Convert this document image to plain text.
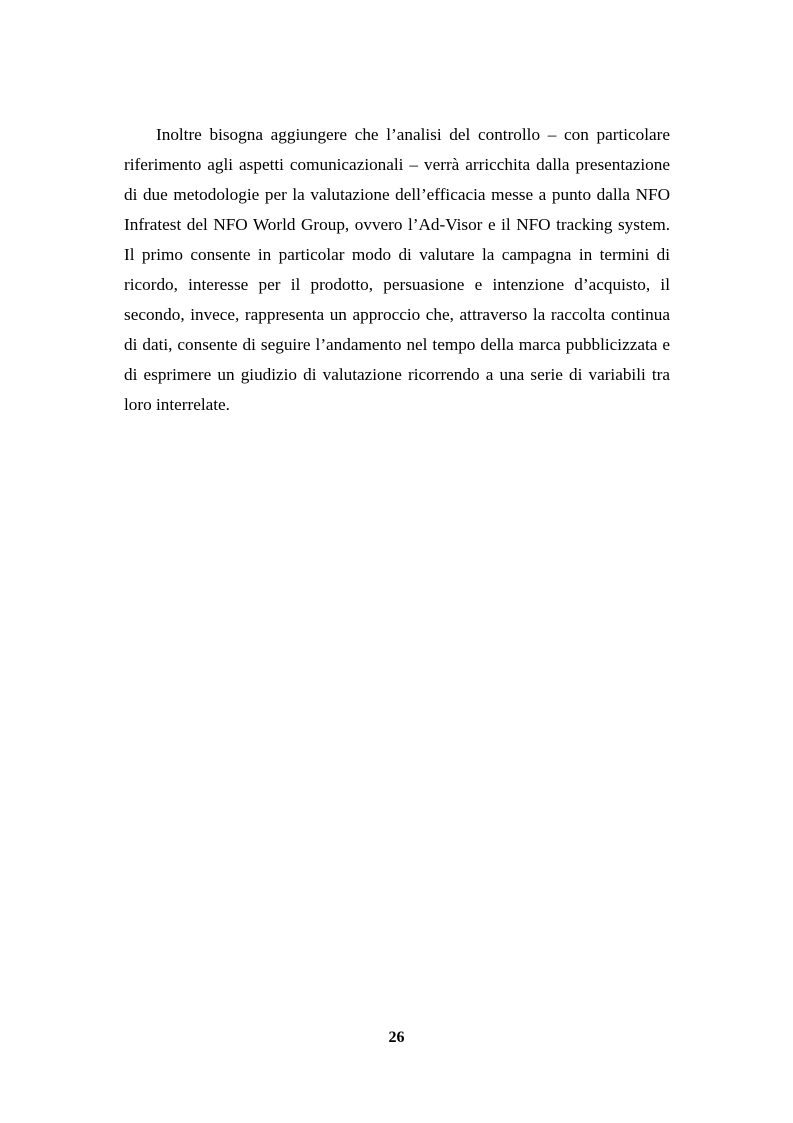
Inoltre bisogna aggiungere che l’analisi del controllo – con particolare
riferimento agli aspetti comunicazionali – verrà arricchita dalla presentazione
di due metodologie per la valutazione dell’efficacia messe a punto dalla NFO
Infratest del NFO World Group, ovvero l’Ad-Visor e il NFO tracking system.
Il primo consente in particolar modo di valutare la campagna in termini di
ricordo, interesse per il prodotto, persuasione e intenzione d’acquisto, il
secondo, invece, rappresenta un approccio che, attraverso la raccolta continua
di dati, consente di seguire l’andamento nel tempo della marca pubblicizzata e
di esprimere un giudizio di valutazione ricorrendo a una serie di variabili tra
loro interrelate.
26
